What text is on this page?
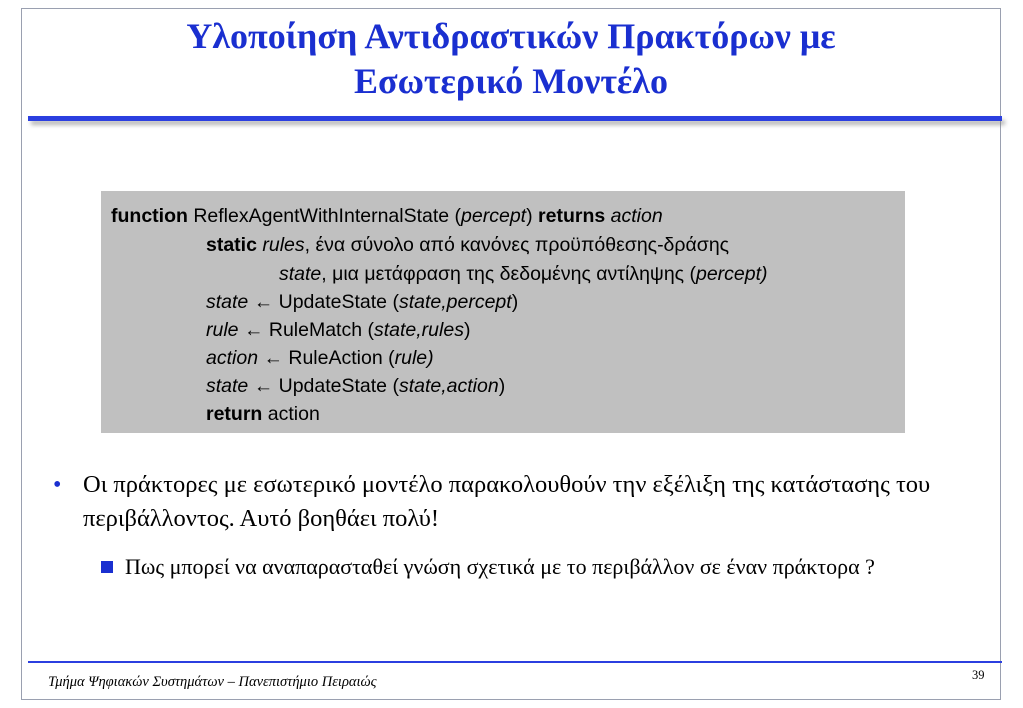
Υλοποίηση Αντιδραστικών Πρακτόρων με
Εσωτερικό Μοντέλο
function ReflexAgentWithInternalState (percept) returns action
static rules, ένα σύνολο από κανόνες προϋπόθεσης-δράσης
state, μια μετάφραση της δεδομένης αντίληψης (percept)
state ← UpdateState (state,percept)
rule ← RuleMatch (state,rules)
action ← RuleAction (rule)
state ← UpdateState (state,action)
return action
• Οι πράκτορες με εσωτερικό μοντέλο παρακολουθούν την εξέλιξη της κατάστασης του περιβάλλοντος. Αυτό βοηθάει πολύ!
Πως μπορεί να αναπαρασταθεί γνώση σχετικά με το περιβάλλον σε έναν πράκτορα ?
Τμήμα Ψηφιακών Συστημάτων – Πανεπιστήμιο Πειραιώς	39
